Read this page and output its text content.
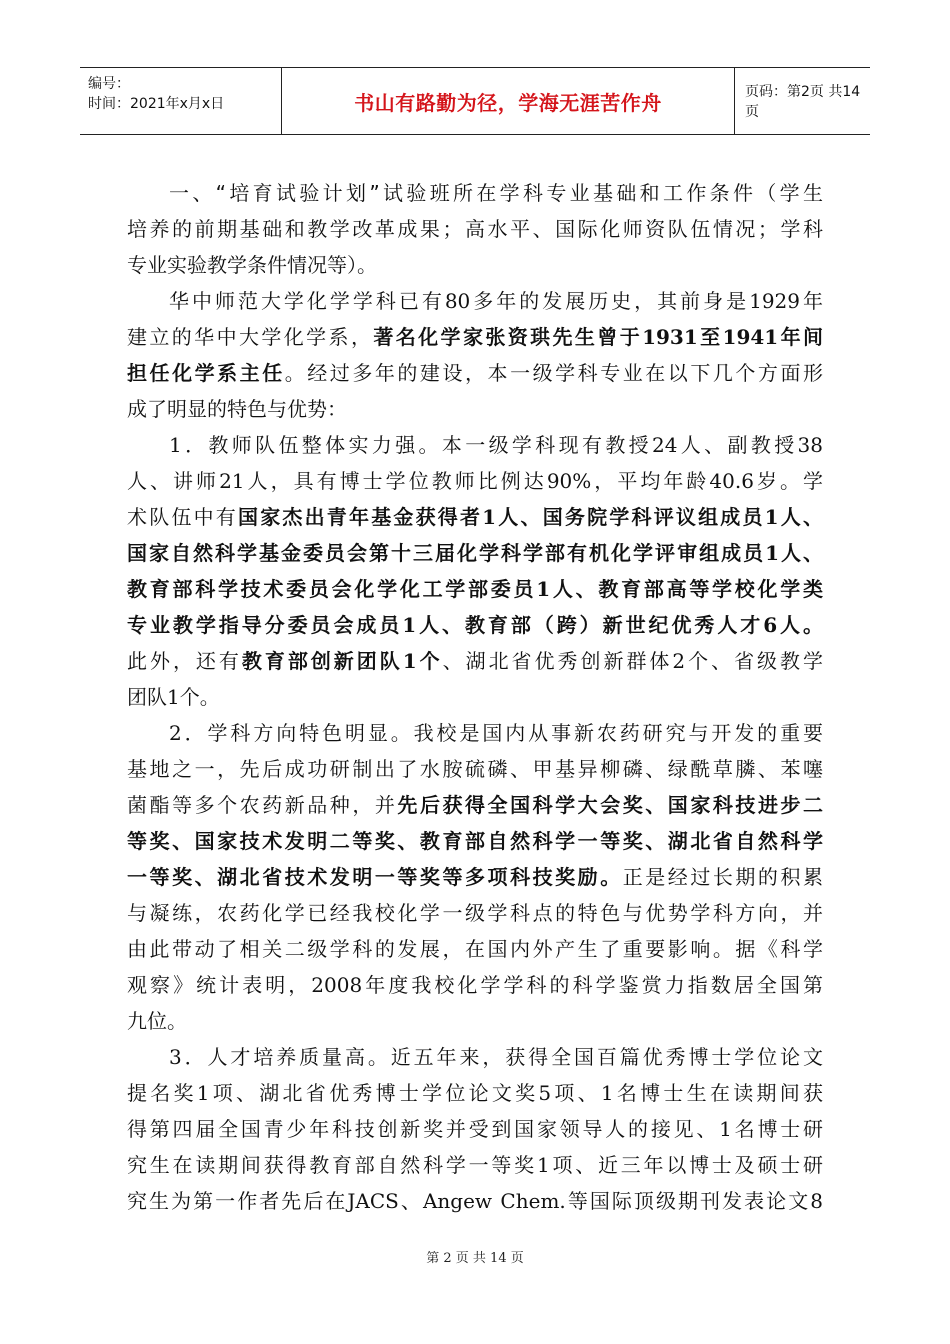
编号：
时间：2021年x月x日	书山有路勤为径，学海无涯苦作舟	页码：第2页 共14页
一、“培育试验计划”试验班所在学科专业基础和工作条件（学生
培养的前期基础和教学改革成果；高水平、国际化师资队伍情况；学科
专业实验教学条件情况等）。
华中师范大学化学学科已有80多年的发展历史，其前身是1929年
建立的华中大学化学系，著名化学家张资珙先生曾于1931至1941年间
担任化学系主任。经过多年的建设，本一级学科专业在以下几个方面形
成了明显的特色与优势：
1．教师队伍整体实力强。本一级学科现有教授24人、副教授38
人、讲师21人，具有博士学位教师比例达90%，平均年龄40.6岁。学
术队伍中有国家杰出青年基金获得者1人、国务院学科评议组成员1人、
国家自然科学基金委员会第十三届化学科学部有机化学评审组成员1人、
教育部科学技术委员会化学化工学部委员1人、教育部高等学校化学类
专业教学指导分委员会成员1人、教育部（跨）新世纪优秀人才6人。
此外，还有教育部创新团队1个、湖北省优秀创新群体2个、省级教学
团队1个。
2．学科方向特色明显。我校是国内从事新农药研究与开发的重要
基地之一，先后成功研制出了水胺硫磷、甲基异柳磷、绿酰草膦、苯噻
菌酯等多个农药新品种，并先后获得全国科学大会奖、国家科技进步二
等奖、国家技术发明二等奖、教育部自然科学一等奖、湖北省自然科学
一等奖、湖北省技术发明一等奖等多项科技奖励。正是经过长期的积累
与凝练，农药化学已经我校化学一级学科点的特色与优势学科方向，并
由此带动了相关二级学科的发展，在国内外产生了重要影响。据《科学
观察》统计表明，2008年度我校化学学科的科学鉴赏力指数居全国第
九位。
3．人才培养质量高。近五年来，获得全国百篇优秀博士学位论文
提名奖1项、湖北省优秀博士学位论文奖5项、1名博士生在读期间获
得第四届全国青少年科技创新奖并受到国家领导人的接见、1名博士研
究生在读期间获得教育部自然科学一等奖1项、近三年以博士及硕士研
究生为第一作者先后在JACS、Angew Chem.等国际顶级期刊发表论文8
第 2 页 共 14 页
